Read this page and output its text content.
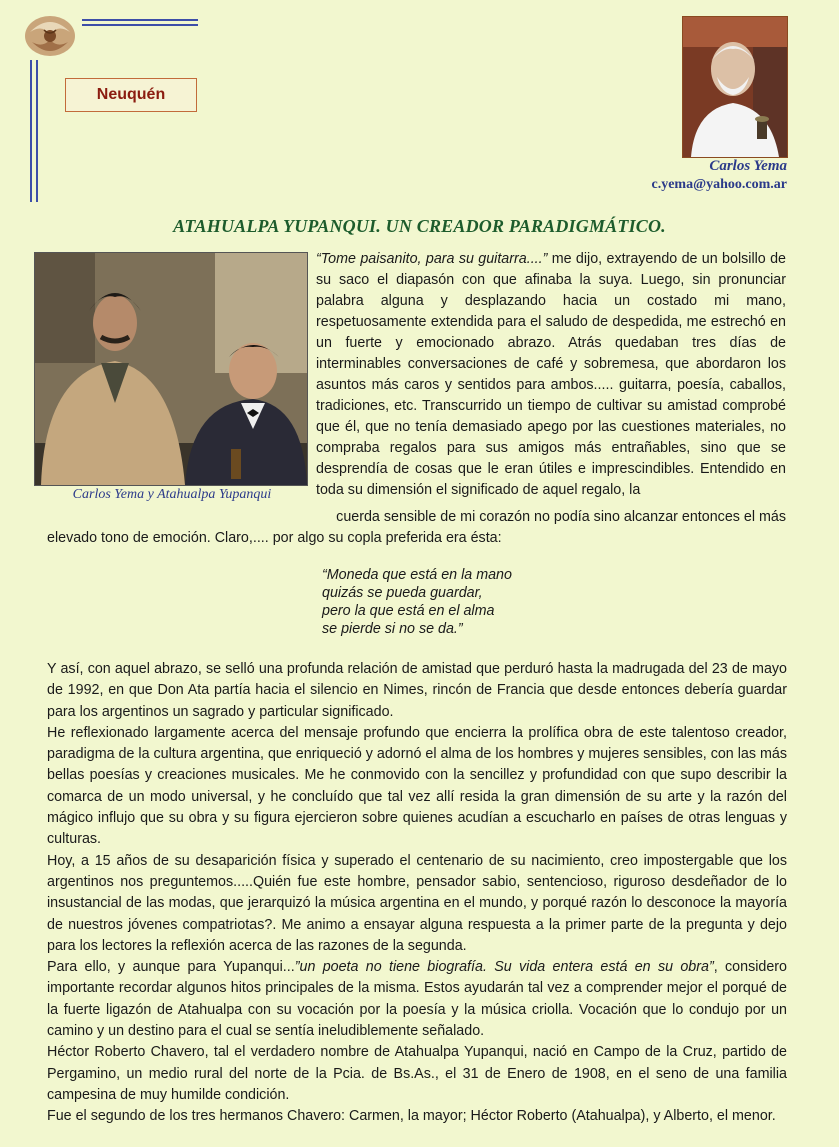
Neuquén
Carlos Yema
c.yema@yahoo.com.ar
ATAHUALPA YUPANQUI. UN CREADOR PARADIGMÁTICO.
Carlos Yema y Atahualpa Yupanqui
“Tome paisanito, para su guitarra....” me dijo, extrayendo de un bolsillo de su saco el diapasón con que afinaba la suya. Luego, sin pronunciar palabra alguna y desplazando hacia un costado mi mano, respetuosamente extendida para el saludo de despedida, me estrechó en un fuerte y emocionado abrazo. Atrás quedaban tres días de interminables conversaciones de café y sobremesa, que abordaron los asuntos más caros y sentidos para ambos..... guitarra, poesía, caballos, tradiciones, etc. Transcurrido un tiempo de cultivar su amistad comprobé que él, que no tenía demasiado apego por las cuestiones materiales, no compraba regalos para sus amigos más entrañables, sino que se desprendía de cosas que le eran útiles e imprescindibles. Entendido en toda su dimensión el significado de aquel regalo, la
cuerda sensible de mi corazón no podía sino alcanzar entonces el más
elevado tono de emoción. Claro,.... por algo su copla preferida era ésta:
“Moneda que está en la mano
quizás se pueda guardar,
pero la que está en el alma
se pierde si no se da.”

Y así, con aquel abrazo, se selló una profunda relación de amistad que perduró hasta la madrugada del 23 de mayo de 1992, en que Don Ata partía hacia el silencio en Nimes, rincón de Francia que desde entonces debería guardar para los argentinos un sagrado y particular significado.

He reflexionado largamente acerca del mensaje profundo que encierra la prolífica obra de este talentoso creador, paradigma de la cultura argentina, que enriqueció y adornó el alma de los hombres y mujeres sensibles, con las más bellas poesías y creaciones musicales. Me he conmovido con la sencillez y profundidad con que supo describir la comarca de un modo universal, y he concluído que tal vez allí resida la gran dimensión de su arte y la razón del mágico influjo que su obra y su figura ejercieron sobre quienes acudían a escucharlo en países de otras lenguas y culturas.

Hoy, a 15 años de su desaparición física y superado el centenario de su nacimiento, creo impostergable que los argentinos nos preguntemos.....Quién fue este hombre, pensador sabio, sentencioso, riguroso desdeñador de lo insustancial de las modas, que jerarquizó la música argentina en el mundo, y porqué razón lo desconoce la mayoría de nuestros jóvenes compatriotas?. Me animo a ensayar alguna respuesta a la primer parte de la pregunta y dejo para los lectores la reflexión acerca de las razones de la segunda.

Para ello, y aunque para Yupanqui...”un poeta no tiene biografía. Su vida entera está en su obra”, considero importante recordar algunos hitos principales de la misma. Estos ayudarán tal vez a comprender mejor el porqué de la fuerte ligazón de Atahualpa con su vocación por la poesía y la música criolla. Vocación que lo condujo por un camino y un destino para el cual se sentía ineludiblemente señalado.

Héctor Roberto Chavero, tal el verdadero nombre de Atahualpa Yupanqui, nació en Campo de la Cruz, partido de Pergamino, un medio rural del norte de la Pcia. de Bs.As., el 31 de Enero de 1908, en el seno de una familia campesina de muy humilde condición.

Fue el segundo de los tres hermanos Chavero: Carmen, la mayor; Héctor Roberto (Atahualpa), y Alberto, el menor.
